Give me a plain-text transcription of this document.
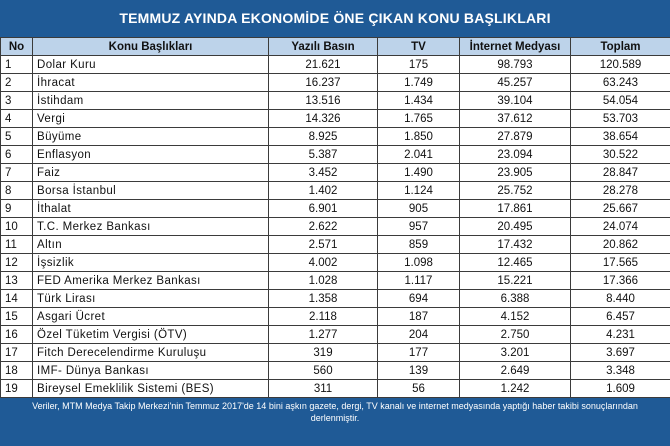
TEMMUZ AYINDA EKONOMİDE ÖNE ÇIKAN KONU BAŞLIKLARI
No	Konu Başlıkları	Yazılı Basın	TV	İnternet Medyası	Toplam
1	Dolar Kuru	21.621	175	98.793	120.589
2	İhracat	16.237	1.749	45.257	63.243
3	İstihdam	13.516	1.434	39.104	54.054
4	Vergi	14.326	1.765	37.612	53.703
5	Büyüme	8.925	1.850	27.879	38.654
6	Enflasyon	5.387	2.041	23.094	30.522
7	Faiz	3.452	1.490	23.905	28.847
8	Borsa İstanbul	1.402	1.124	25.752	28.278
9	İthalat	6.901	905	17.861	25.667
10	T.C. Merkez Bankası	2.622	957	20.495	24.074
11	Altın	2.571	859	17.432	20.862
12	İşsizlik	4.002	1.098	12.465	17.565
13	FED Amerika Merkez Bankası	1.028	1.117	15.221	17.366
14	Türk Lirası	1.358	694	6.388	8.440
15	Asgari Ücret	2.118	187	4.152	6.457
16	Özel Tüketim Vergisi (ÖTV)	1.277	204	2.750	4.231
17	Fitch Derecelendirme Kuruluşu	319	177	3.201	3.697
18	IMF- Dünya Bankası	560	139	2.649	3.348
19	Bireysel Emeklilik Sistemi (BES)	311	56	1.242	1.609
Veriler, MTM Medya Takip Merkezi'nin Temmuz 2017'de 14 bini aşkın gazete, dergi, TV kanalı ve internet medyasında yaptığı haber takibi sonuçlarından derlenmiştir.
